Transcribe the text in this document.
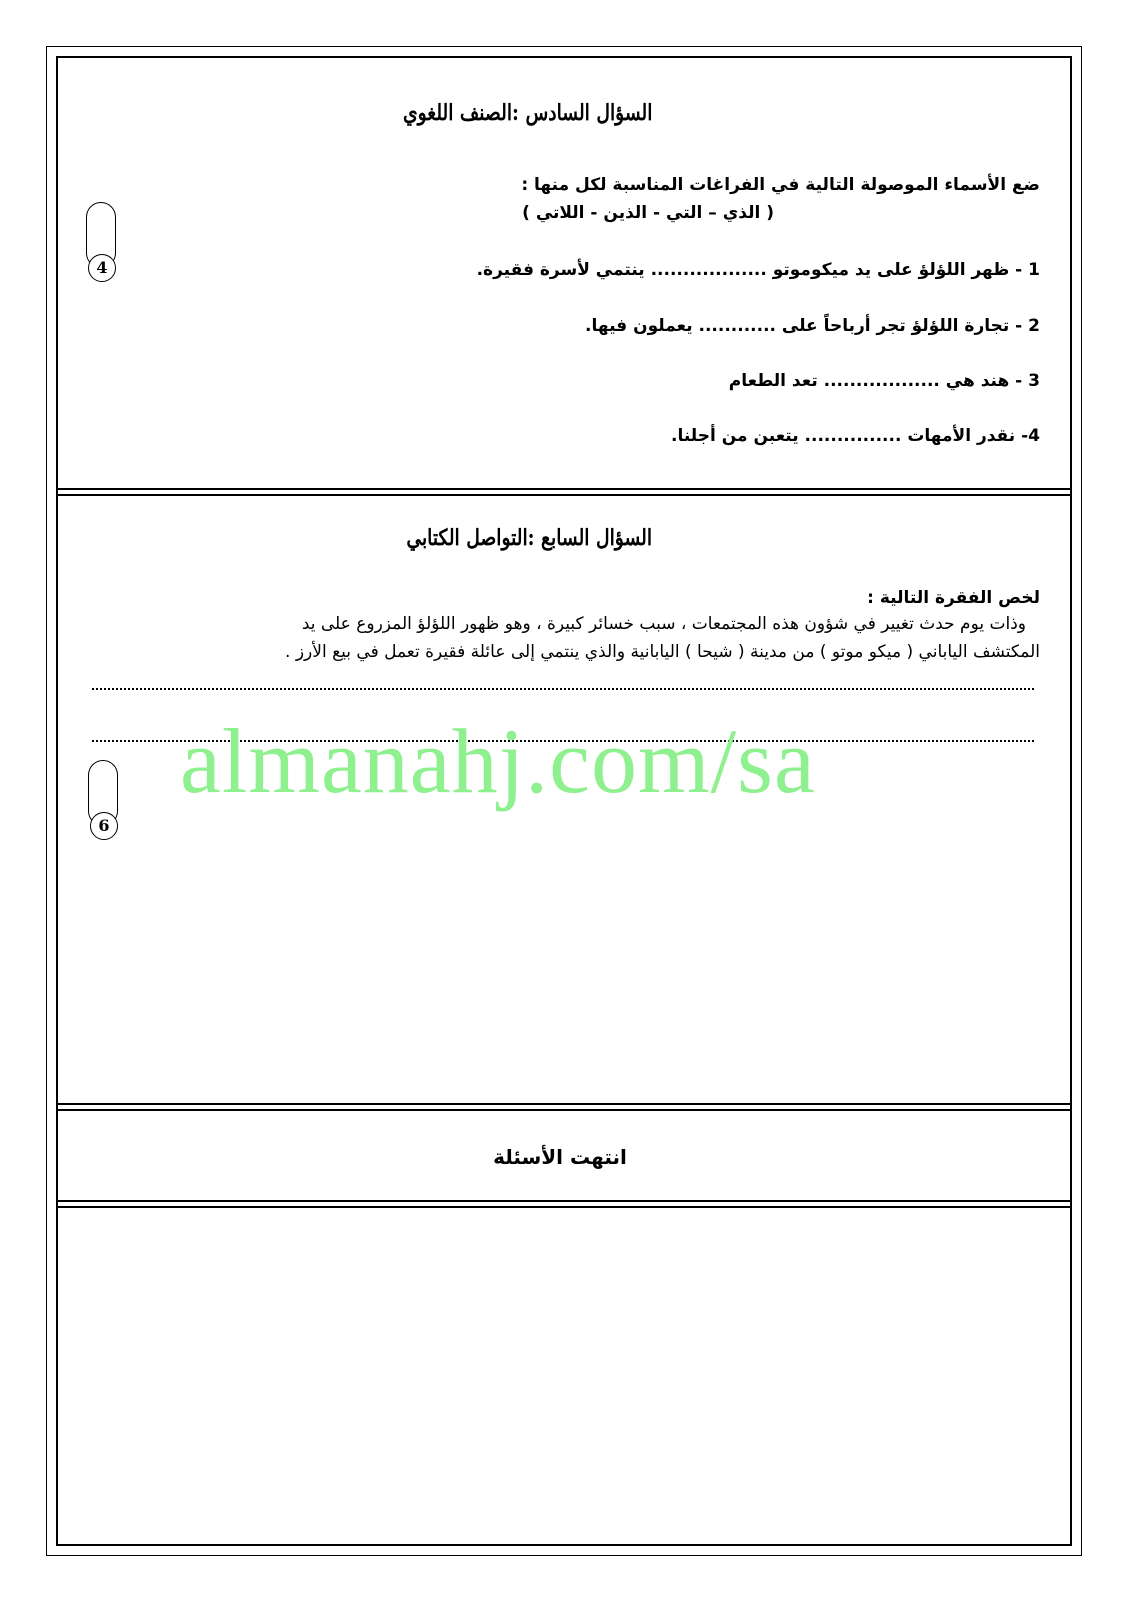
السؤال السادس :الصنف اللغوي
ضع الأسماء الموصولة التالية في الفراغات المناسبة لكل منها :
( الذي – التي - الذين - اللاتي )
1 - ظهر اللؤلؤ على يد ميكوموتو .................. ينتمي لأسرة فقيرة.
2 - تجارة اللؤلؤ تجر أرباحاً على ............ يعملون فيها.
3 - هند هي .................. تعد الطعام
4- نقدر الأمهات ............... يتعبن من أجلنا.
4
السؤال السابع :التواصل الكتابي
لخص الفقرة التالية :
وذات يوم حدث تغيير في شؤون هذه المجتمعات ، سبب خسائر كبيرة ، وهو ظهور اللؤلؤ المزروع على يد
المكتشف الياباني ( ميكو موتو ) من مدينة ( شيحا ) اليابانية والذي ينتمي إلى عائلة فقيرة تعمل في بيع الأرز .
almanahj.com/sa
6
انتهت الأسئلة
